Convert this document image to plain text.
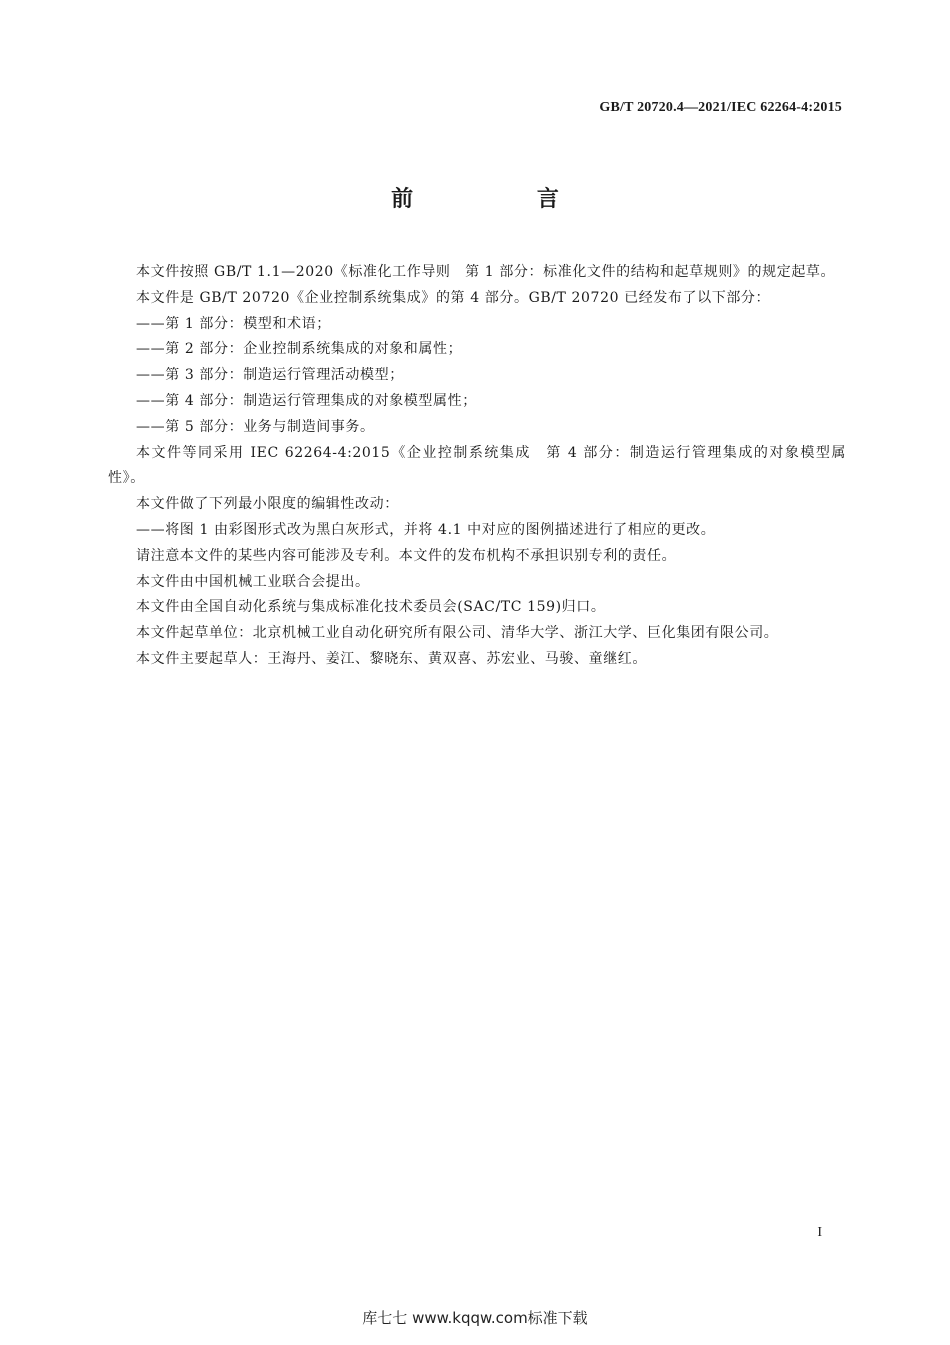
GB/T 20720.4—2021/IEC 62264-4:2015
前 言

本文件按照 GB/T 1.1—2020《标准化工作导则　第 1 部分：标准化文件的结构和起草规则》的规定起草。

本文件是 GB/T 20720《企业控制系统集成》的第 4 部分。GB/T 20720 已经发布了以下部分：

——第 1 部分：模型和术语；

——第 2 部分：企业控制系统集成的对象和属性；

——第 3 部分：制造运行管理活动模型；

——第 4 部分：制造运行管理集成的对象模型属性；

——第 5 部分：业务与制造间事务。

本文件等同采用 IEC 62264-4:2015《企业控制系统集成　第 4 部分：制造运行管理集成的对象模型属性》。

本文件做了下列最小限度的编辑性改动：

——将图 1 由彩图形式改为黑白灰形式，并将 4.1 中对应的图例描述进行了相应的更改。

请注意本文件的某些内容可能涉及专利。本文件的发布机构不承担识别专利的责任。

本文件由中国机械工业联合会提出。

本文件由全国自动化系统与集成标准化技术委员会(SAC/TC 159)归口。

本文件起草单位：北京机械工业自动化研究所有限公司、清华大学、浙江大学、巨化集团有限公司。

本文件主要起草人：王海丹、姜江、黎晓东、黄双喜、苏宏业、马骏、童继红。

I
库七七 www.kqqw.com标准下载
